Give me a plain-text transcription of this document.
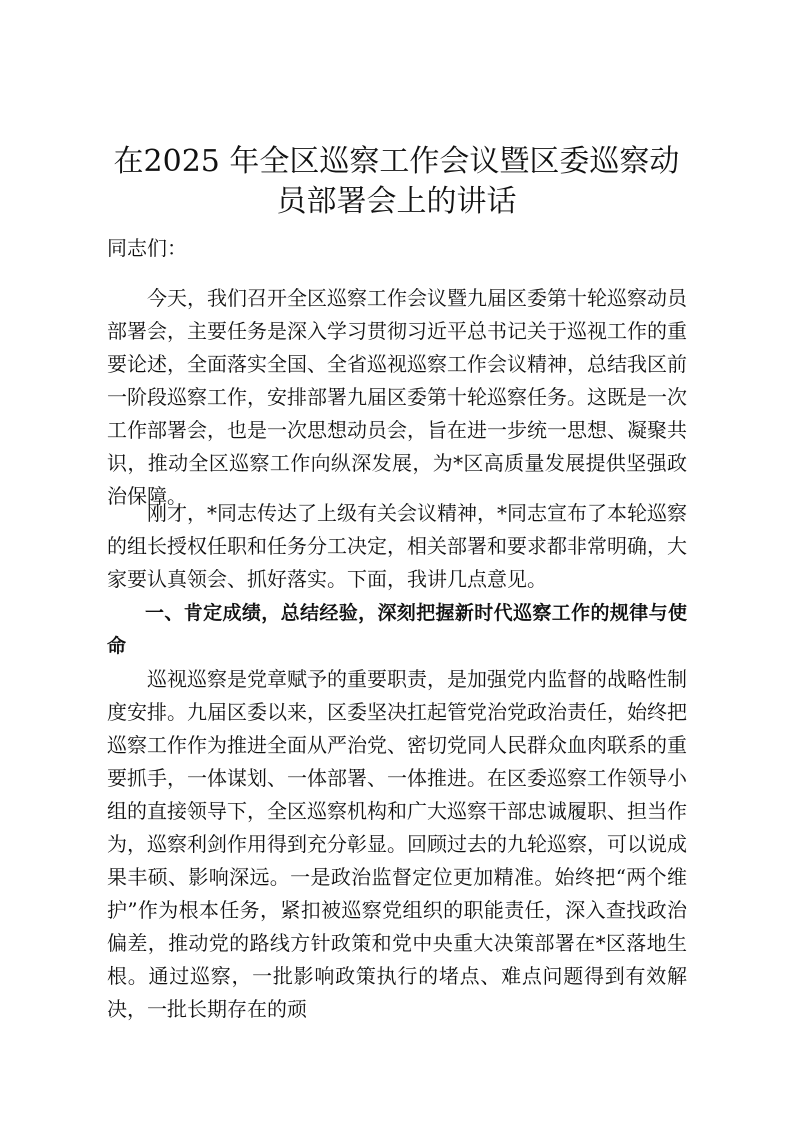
在2025 年全区巡察工作会议暨区委巡察动员部署会上的讲话

同志们：

今天，我们召开全区巡察工作会议暨九届区委第十轮巡察动员部署会，主要任务是深入学习贯彻习近平总书记关于巡视工作的重要论述，全面落实全国、全省巡视巡察工作会议精神，总结我区前一阶段巡察工作，安排部署九届区委第十轮巡察任务。这既是一次工作部署会，也是一次思想动员会，旨在进一步统一思想、凝聚共识，推动全区巡察工作向纵深发展，为*区高质量发展提供坚强政治保障。

刚才，*同志传达了上级有关会议精神，*同志宣布了本轮巡察的组长授权任职和任务分工决定，相关部署和要求都非常明确，大家要认真领会、抓好落实。下面，我讲几点意见。

一、肯定成绩，总结经验，深刻把握新时代巡察工作的规律与使命

巡视巡察是党章赋予的重要职责，是加强党内监督的战略性制度安排。九届区委以来，区委坚决扛起管党治党政治责任，始终把巡察工作作为推进全面从严治党、密切党同人民群众血肉联系的重要抓手，一体谋划、一体部署、一体推进。在区委巡察工作领导小组的直接领导下，全区巡察机构和广大巡察干部忠诚履职、担当作为，巡察利剑作用得到充分彰显。回顾过去的九轮巡察，可以说成果丰硕、影响深远。一是政治监督定位更加精准。始终把“两个维护”作为根本任务，紧扣被巡察党组织的职能责任，深入查找政治偏差，推动党的路线方针政策和党中央重大决策部署在*区落地生根。通过巡察，一批影响政策执行的堵点、难点问题得到有效解决，一批长期存在的顽
